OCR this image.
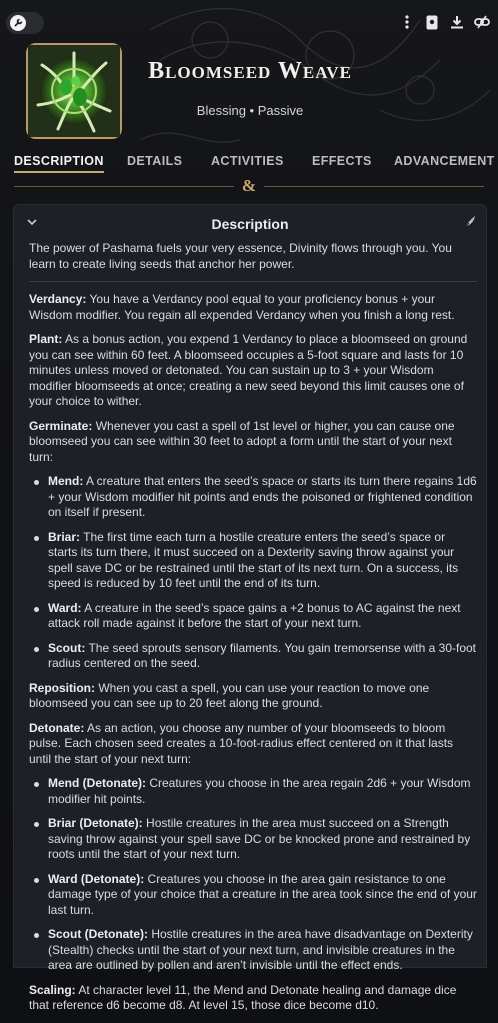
Bloomseed Weave
Blessing • Passive
DESCRIPTION DETAILS ACTIVITIES EFFECTS ADVANCEMENT
&
Description

The power of Pashama fuels your very essence, Divinity flows through you. You learn to create living seeds that anchor her power.

Verdancy: You have a Verdancy pool equal to your proficiency bonus + your Wisdom modifier. You regain all expended Verdancy when you finish a long rest.

Plant: As a bonus action, you expend 1 Verdancy to place a bloomseed on ground you can see within 60 feet. A bloomseed occupies a 5-foot square and lasts for 10 minutes unless moved or detonated. You can sustain up to 3 + your Wisdom modifier bloomseeds at once; creating a new seed beyond this limit causes one of your choice to wither.

Germinate: Whenever you cast a spell of 1st level or higher, you can cause one bloomseed you can see within 30 feet to adopt a form until the start of your next turn:

Mend: A creature that enters the seed’s space or starts its turn there regains 1d6 + your Wisdom modifier hit points and ends the poisoned or frightened condition on itself if present.
Briar: The first time each turn a hostile creature enters the seed’s space or starts its turn there, it must succeed on a Dexterity saving throw against your spell save DC or be restrained until the start of its next turn. On a success, its speed is reduced by 10 feet until the end of its turn.
Ward: A creature in the seed’s space gains a +2 bonus to AC against the next attack roll made against it before the start of your next turn.
Scout: The seed sprouts sensory filaments. You gain tremorsense with a 30-foot radius centered on the seed.

Reposition: When you cast a spell, you can use your reaction to move one bloomseed you can see up to 20 feet along the ground.

Detonate: As an action, you choose any number of your bloomseeds to bloom pulse. Each chosen seed creates a 10-foot-radius effect centered on it that lasts until the start of your next turn:

Mend (Detonate): Creatures you choose in the area regain 2d6 + your Wisdom modifier hit points.
Briar (Detonate): Hostile creatures in the area must succeed on a Strength saving throw against your spell save DC or be knocked prone and restrained by roots until the start of your next turn.
Ward (Detonate): Creatures you choose in the area gain resistance to one damage type of your choice that a creature in the area took since the end of your last turn.
Scout (Detonate): Hostile creatures in the area have disadvantage on Dexterity (Stealth) checks until the start of your next turn, and invisible creatures in the area are outlined by pollen and aren’t invisible until the effect ends.

Scaling: At character level 11, the Mend and Detonate healing and damage dice that reference d6 become d8. At level 15, those dice become d10.
